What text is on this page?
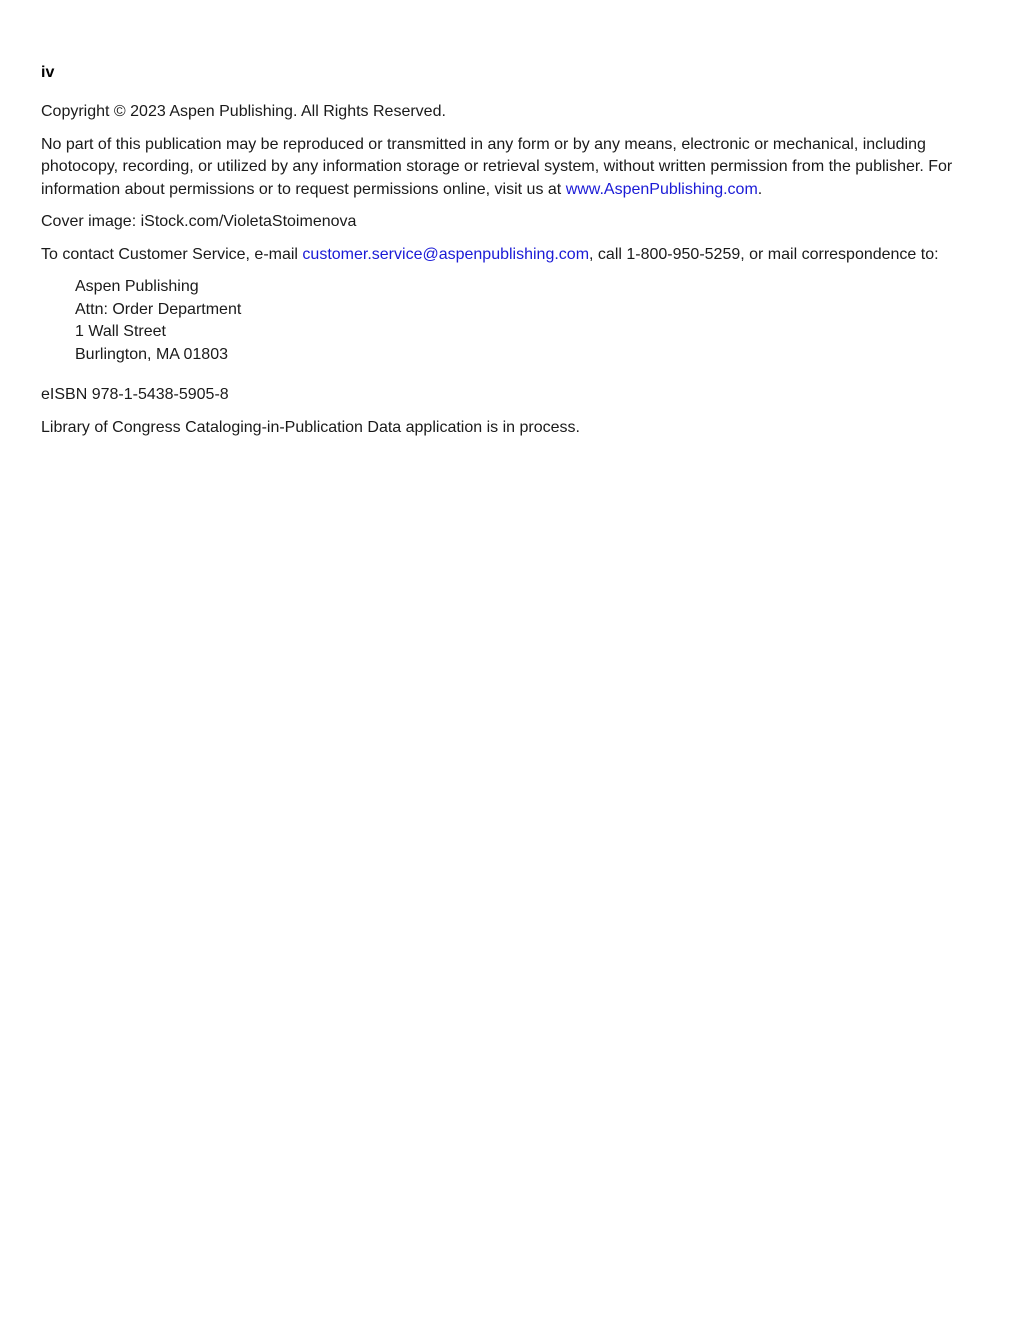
iv

Copyright © 2023 Aspen Publishing. All Rights Reserved.

No part of this publication may be reproduced or transmitted in any form or by any means, electronic or mechanical, including photocopy, recording, or utilized by any information storage or retrieval system, without written permission from the publisher. For information about permissions or to request permissions online, visit us at www.AspenPublishing.com.

Cover image: iStock.com/VioletaStoimenova

To contact Customer Service, e-mail customer.service@aspenpublishing.com, call 1-800-950-5259, or mail correspondence to:

Aspen Publishing
Attn: Order Department
1 Wall Street
Burlington, MA 01803

eISBN 978-1-5438-5905-8

Library of Congress Cataloging-in-Publication Data application is in process.
